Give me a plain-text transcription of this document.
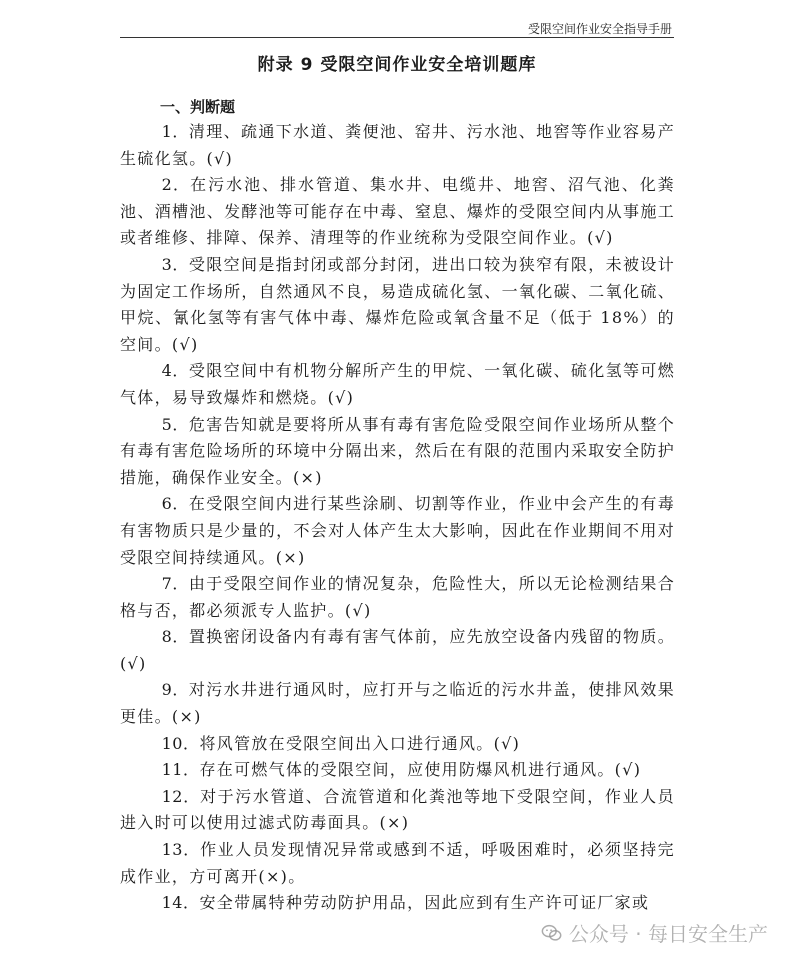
受限空间作业安全指导手册
附录 9 受限空间作业安全培训题库
一、判断题

1．清理、疏通下水道、粪便池、窑井、污水池、地窖等作业容易产生硫化氢。(√)

2．在污水池、排水管道、集水井、电缆井、地窖、沼气池、化粪池、酒槽池、发酵池等可能存在中毒、窒息、爆炸的受限空间内从事施工或者维修、排障、保养、清理等的作业统称为受限空间作业。(√)

3．受限空间是指封闭或部分封闭，进出口较为狭窄有限，未被设计为固定工作场所，自然通风不良，易造成硫化氢、一氧化碳、二氧化硫、甲烷、氰化氢等有害气体中毒、爆炸危险或氧含量不足（低于 18%）的空间。(√)

4．受限空间中有机物分解所产生的甲烷、一氧化碳、硫化氢等可燃气体，易导致爆炸和燃烧。(√)

5．危害告知就是要将所从事有毒有害危险受限空间作业场所从整个有毒有害危险场所的环境中分隔出来，然后在有限的范围内采取安全防护措施，确保作业安全。(×)

6．在受限空间内进行某些涂刷、切割等作业，作业中会产生的有毒有害物质只是少量的，不会对人体产生太大影响，因此在作业期间不用对受限空间持续通风。(×)

7．由于受限空间作业的情况复杂，危险性大，所以无论检测结果合格与否，都必须派专人监护。(√)

8．置换密闭设备内有毒有害气体前，应先放空设备内残留的物质。(√)

9．对污水井进行通风时，应打开与之临近的污水井盖，使排风效果更佳。(×)

10．将风管放在受限空间出入口进行通风。(√)

11．存在可燃气体的受限空间，应使用防爆风机进行通风。(√)

12．对于污水管道、合流管道和化粪池等地下受限空间，作业人员进入时可以使用过滤式防毒面具。(×)

13．作业人员发现情况异常或感到不适，呼吸困难时，必须坚持完成作业，方可离开(×)。

14．安全带属特种劳动防护用品，因此应到有生产许可证厂家或

公众号 · 每日安全生产
